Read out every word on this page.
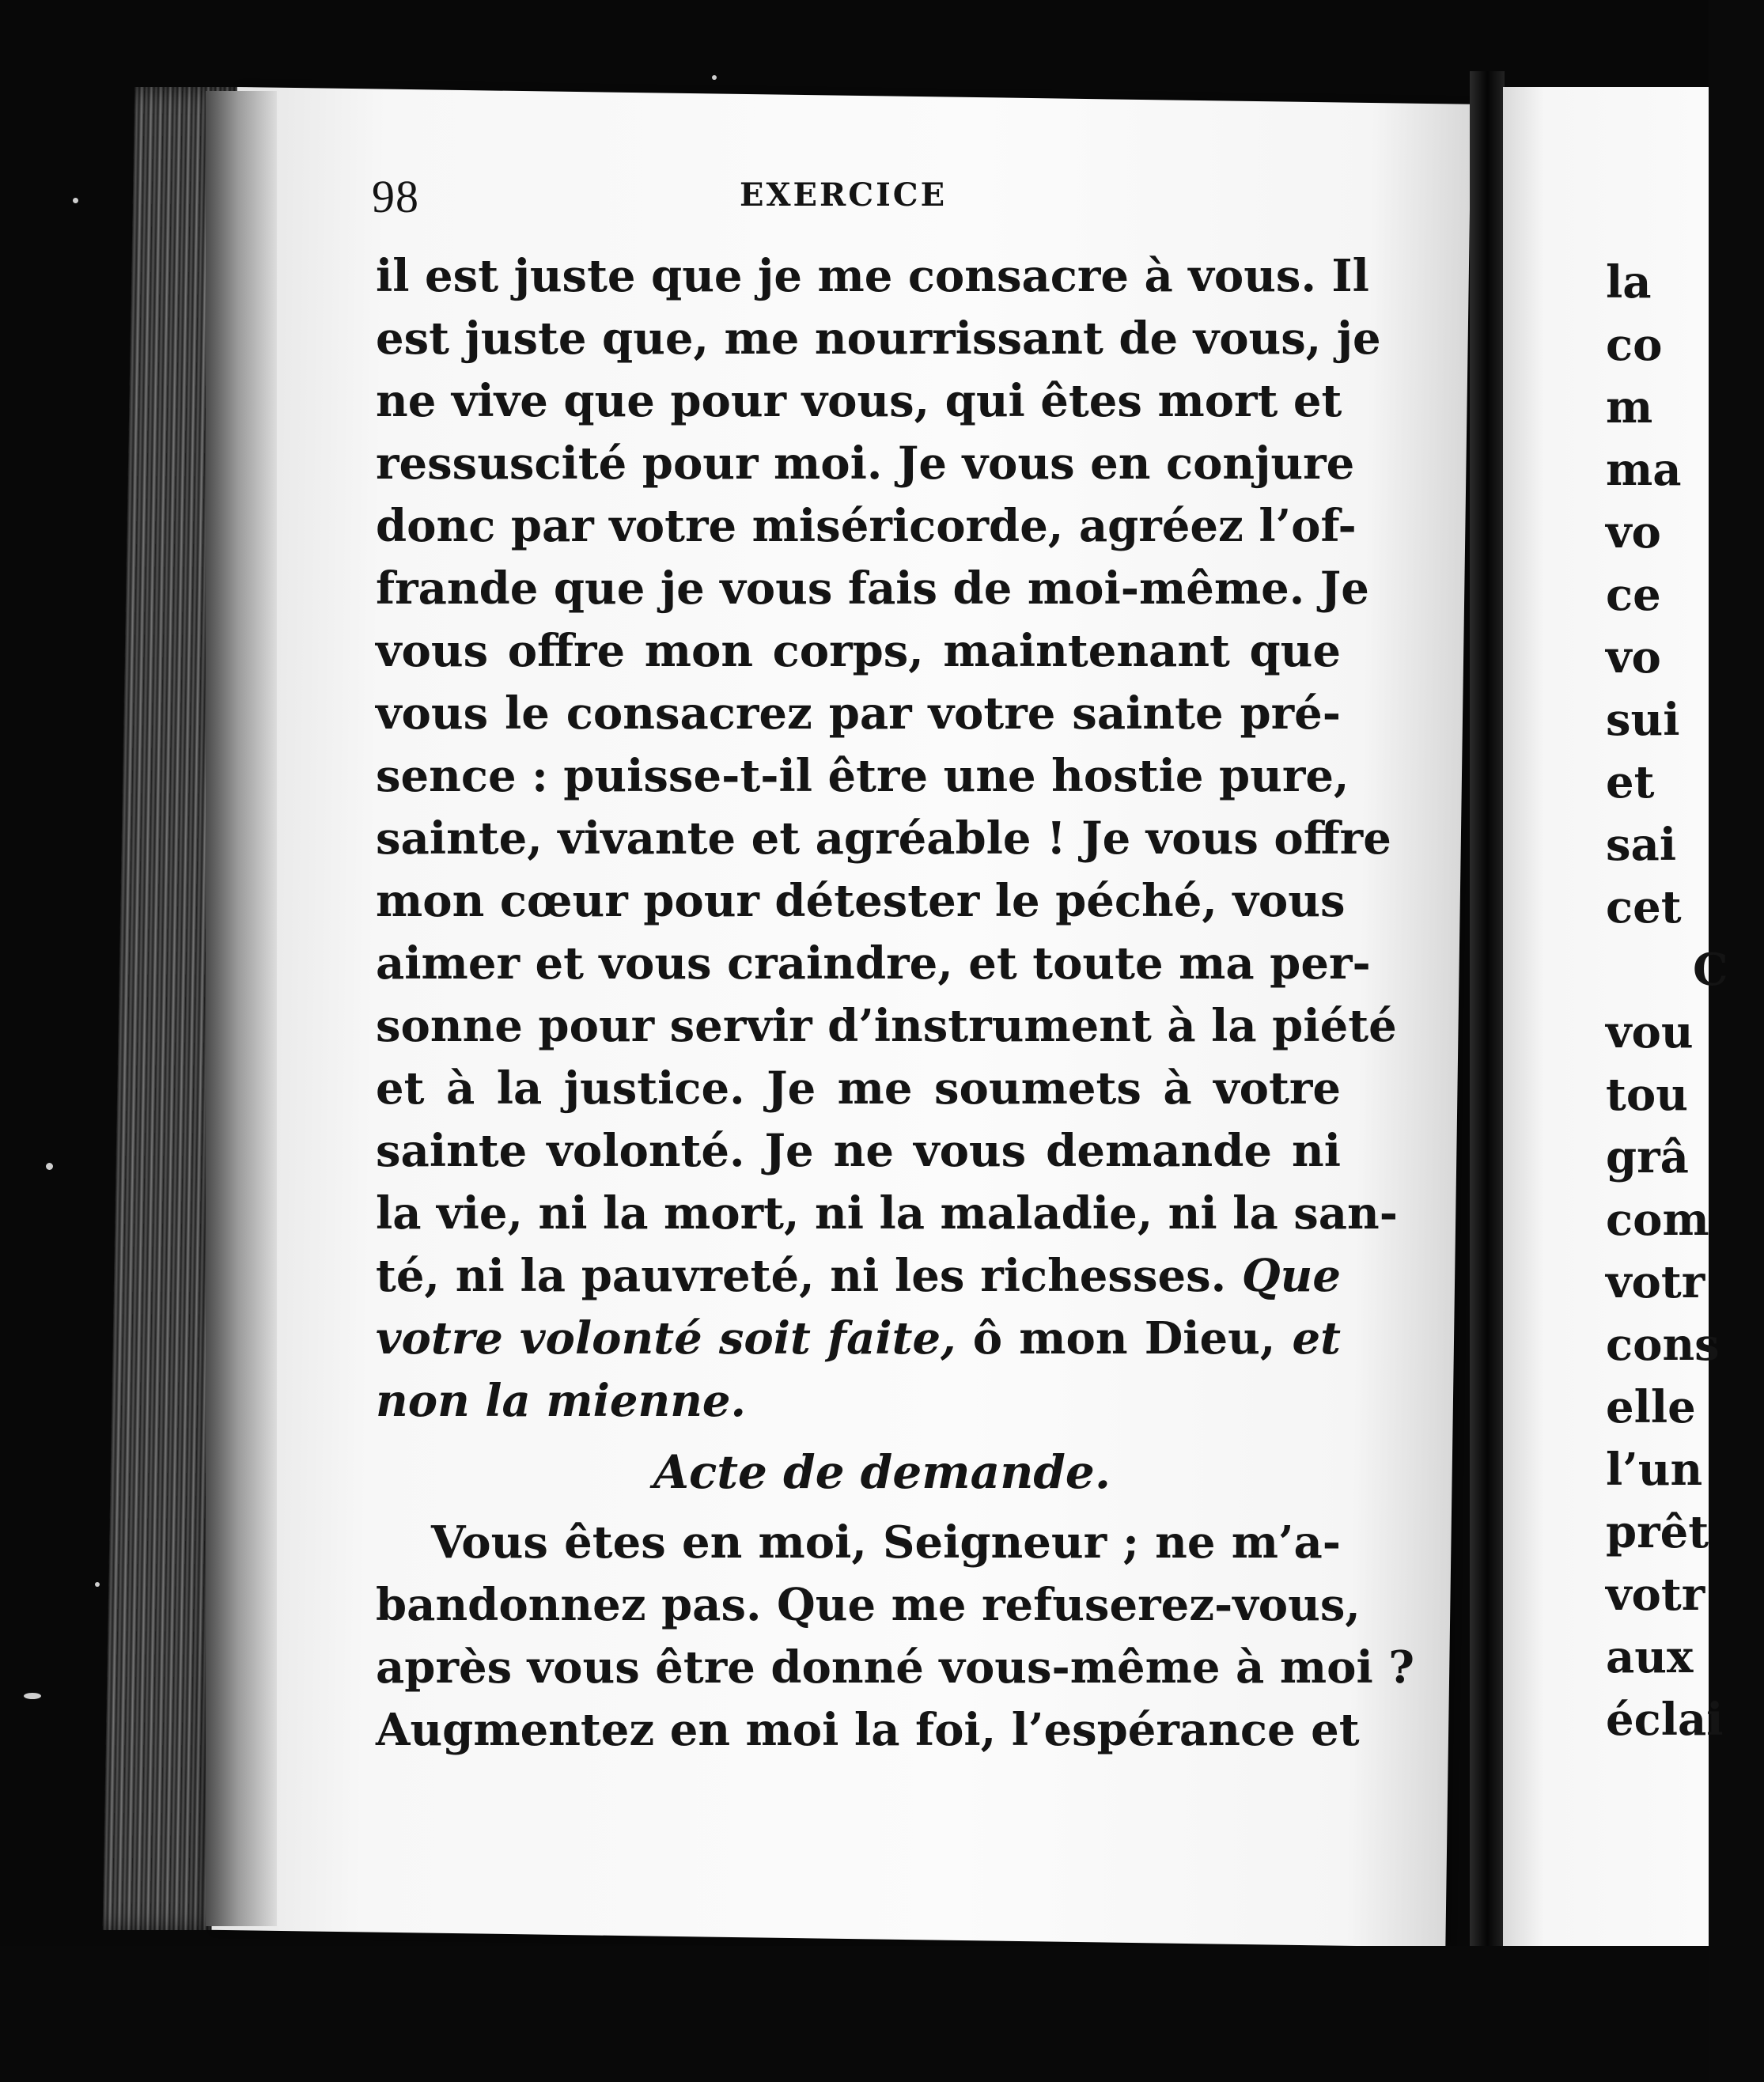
98	EXERCICE
il est juste que je me consacre à vous. Il
est juste que, me nourrissant de vous, je
ne vive que pour vous, qui êtes mort et
ressuscité pour moi. Je vous en conjure
donc par votre miséricorde, agréez l’of-
frande que je vous fais de moi-même. Je
vous offre mon corps, maintenant que
vous le consacrez par votre sainte pré-
sence : puisse-t-il être une hostie pure,
sainte, vivante et agréable ! Je vous offre
mon cœur pour détester le péché, vous
aimer et vous craindre, et toute ma per-
sonne pour servir d’instrument à la piété
et à la justice. Je me soumets à votre
sainte volonté. Je ne vous demande ni
la vie, ni la mort, ni la maladie, ni la san-
té, ni la pauvreté, ni les richesses. Que
votre volonté soit faite, ô mon Dieu, et
non la mienne.
Acte de demande.
Vous êtes en moi, Seigneur ; ne m’a-
bandonnez pas. Que me refuserez-vous,
après vous être donné vous-même à moi ?
Augmentez en moi la foi, l’espérance et
la
co
m
ma
vo
ce
vo
sui
et
sai
cet
C
vou
tou
grâ
com
votr
cons
elle
l’un
prêt
votr
aux
éclai
